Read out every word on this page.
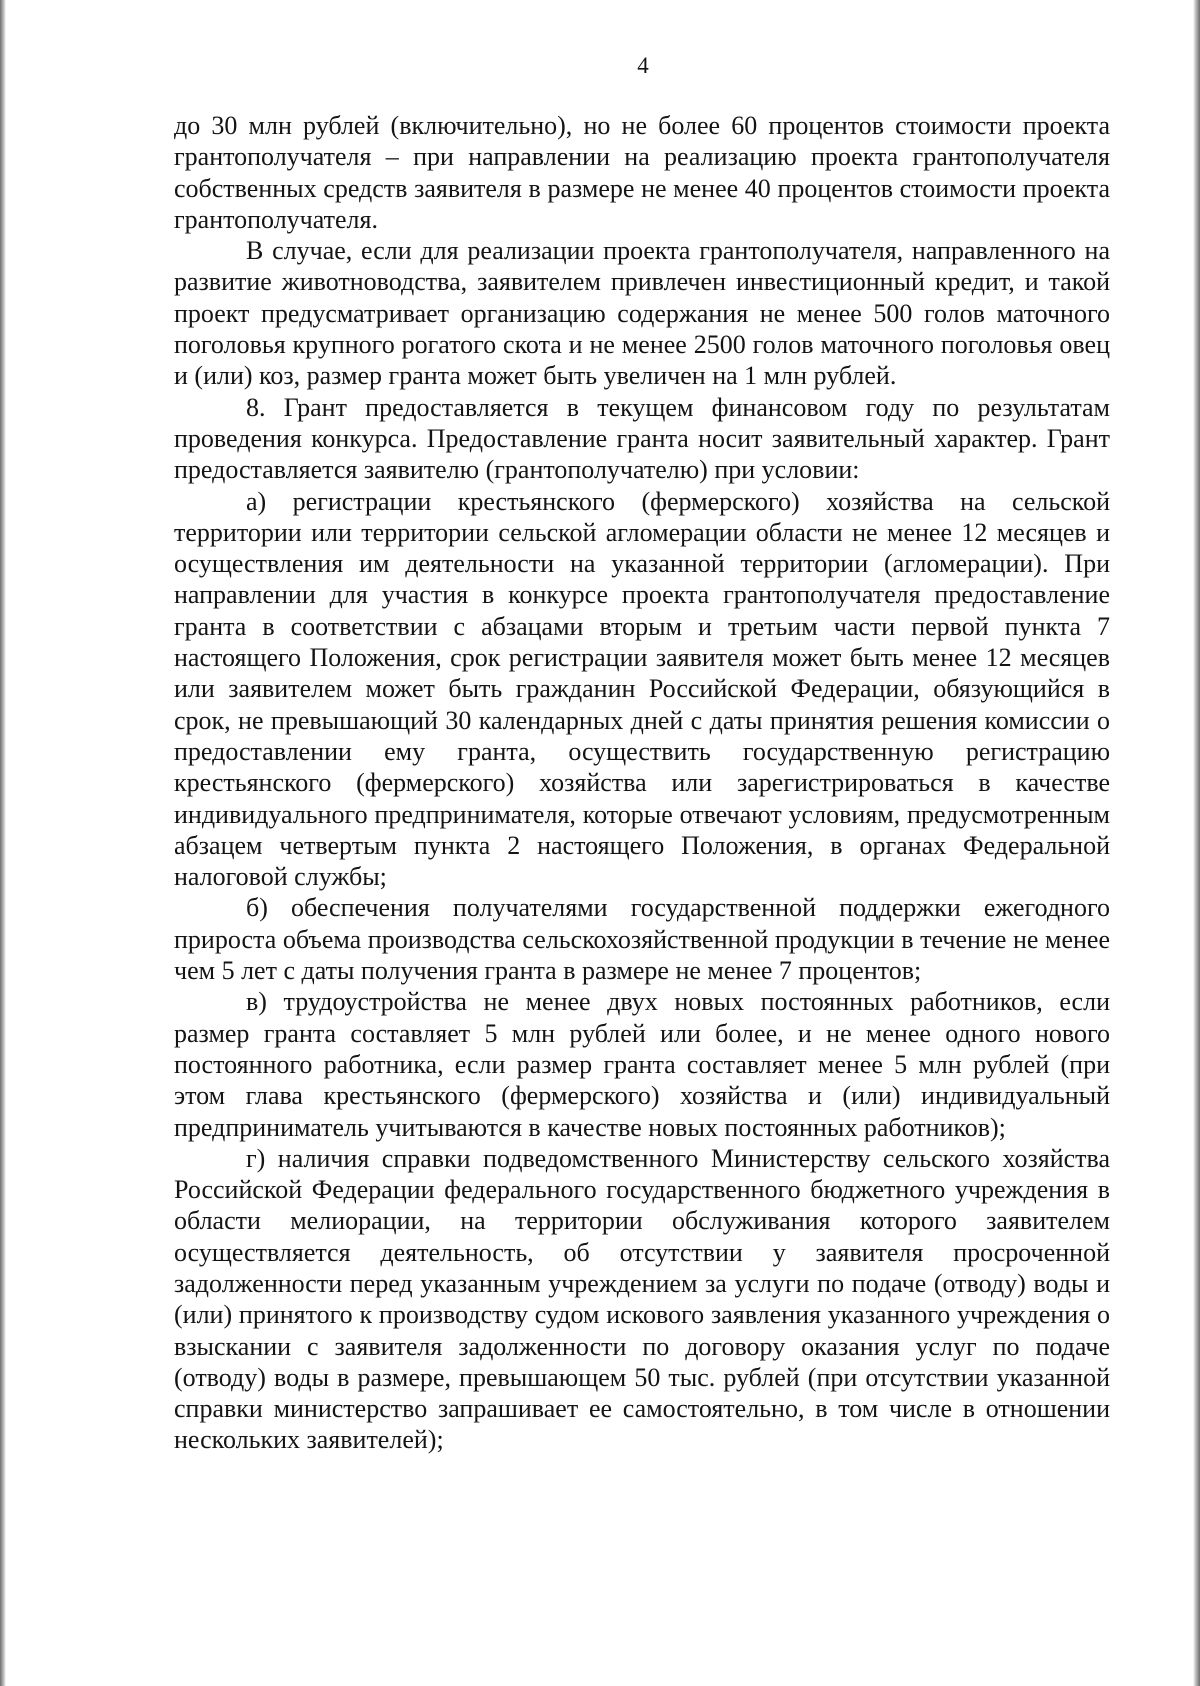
4

до 30 млн рублей (включительно), но не более 60 процентов стоимости проекта грантополучателя – при направлении на реализацию проекта грантополучателя собственных средств заявителя в размере не менее 40 процентов стоимости проекта грантополучателя.

В случае, если для реализации проекта грантополучателя, направленного на развитие животноводства, заявителем привлечен инвестиционный кредит, и такой проект предусматривает организацию содержания не менее 500 голов маточного поголовья крупного рогатого скота и не менее 2500 голов маточного поголовья овец и (или) коз, размер гранта может быть увеличен на 1 млн рублей.

8. Грант предоставляется в текущем финансовом году по результатам проведения конкурса. Предоставление гранта носит заявительный характер. Грант предоставляется заявителю (грантополучателю) при условии:

а) регистрации крестьянского (фермерского) хозяйства на сельской территории или территории сельской агломерации области не менее 12 месяцев и осуществления им деятельности на указанной территории (агломерации). При направлении для участия в конкурсе проекта грантополучателя предоставление гранта в соответствии с абзацами вторым и третьим части первой пункта 7 настоящего Положения, срок регистрации заявителя может быть менее 12 месяцев или заявителем может быть гражданин Российской Федерации, обязующийся в срок, не превышающий 30 календарных дней с даты принятия решения комиссии о предоставлении ему гранта, осуществить государственную регистрацию крестьянского (фермерского) хозяйства или зарегистрироваться в качестве индивидуального предпринимателя, которые отвечают условиям, предусмотренным абзацем четвертым пункта 2 настоящего Положения, в органах Федеральной налоговой службы;

б) обеспечения получателями государственной поддержки ежегодного прироста объема производства сельскохозяйственной продукции в течение не менее чем 5 лет с даты получения гранта в размере не менее 7 процентов;

в) трудоустройства не менее двух новых постоянных работников, если размер гранта составляет 5 млн рублей или более, и не менее одного нового постоянного работника, если размер гранта составляет менее 5 млн рублей (при этом глава крестьянского (фермерского) хозяйства и (или) индивидуальный предприниматель учитываются в качестве новых постоянных работников);

г) наличия справки подведомственного Министерству сельского хозяйства Российской Федерации федерального государственного бюджетного учреждения в области мелиорации, на территории обслуживания которого заявителем осуществляется деятельность, об отсутствии у заявителя просроченной задолженности перед указанным учреждением за услуги по подаче (отводу) воды и (или) принятого к производству судом искового заявления указанного учреждения о взыскании с заявителя задолженности по договору оказания услуг по подаче (отводу) воды в размере, превышающем 50 тыс. рублей (при отсутствии указанной справки министерство запрашивает ее самостоятельно, в том числе в отношении нескольких заявителей);
